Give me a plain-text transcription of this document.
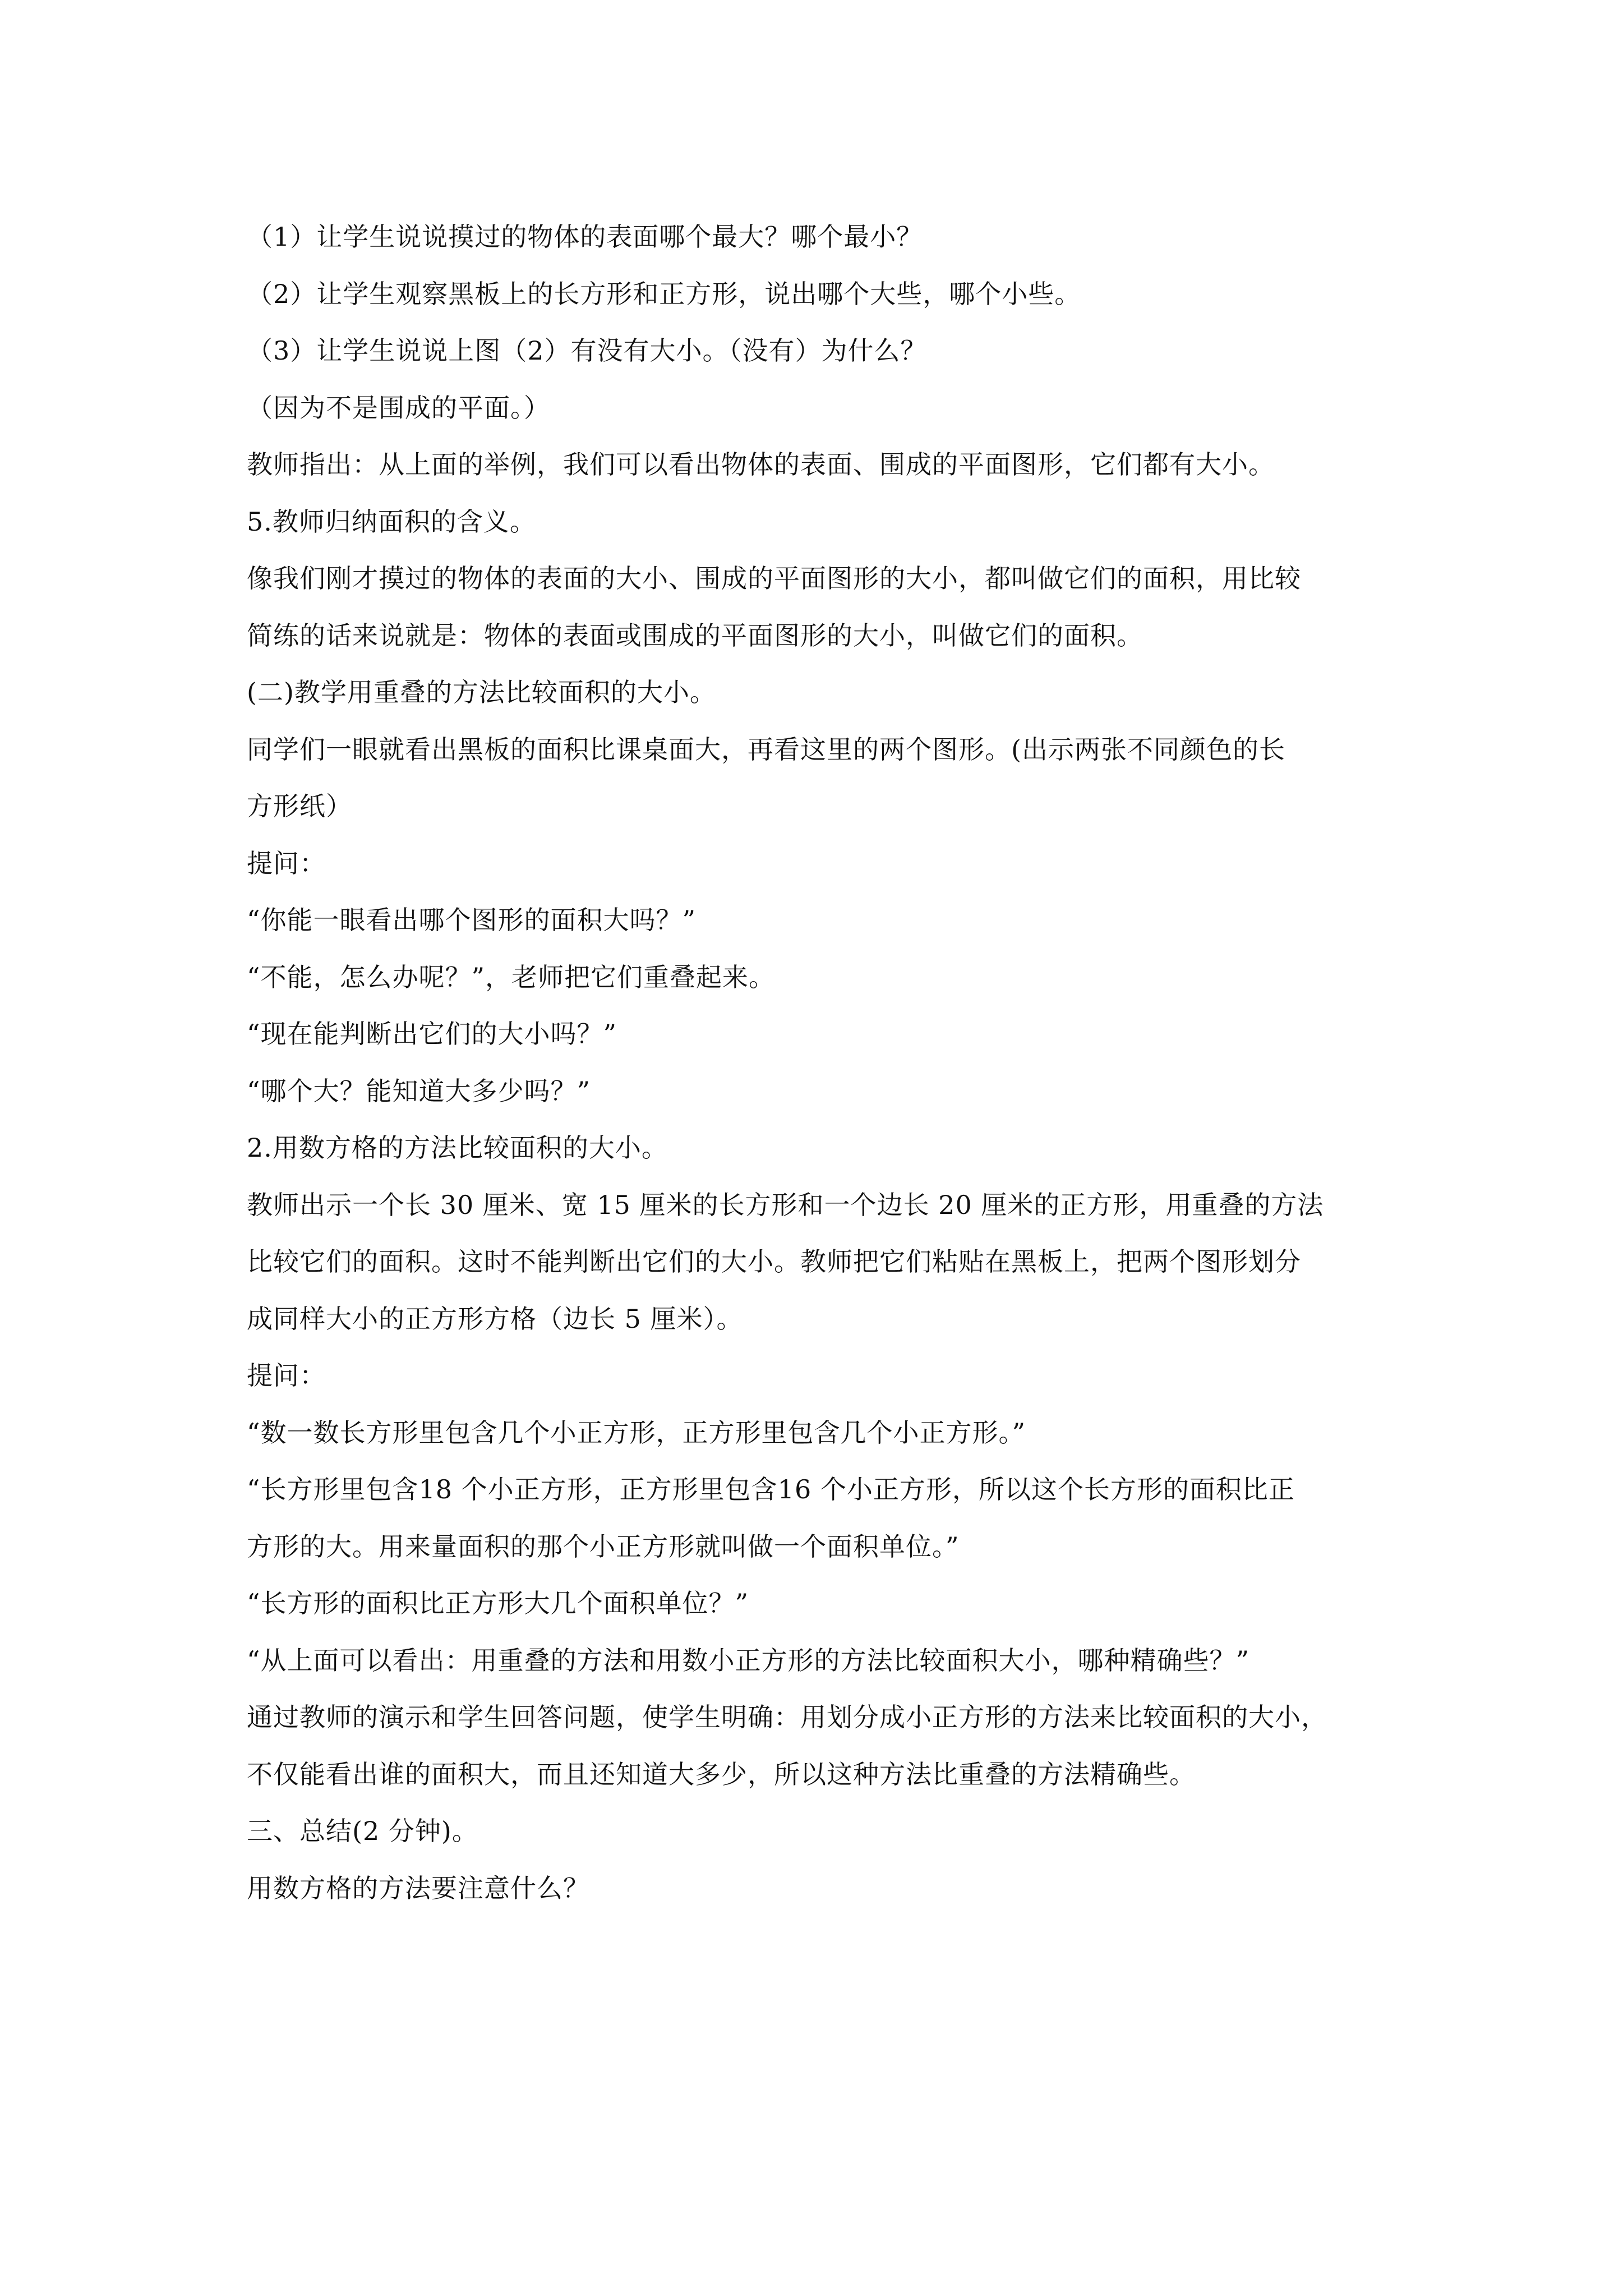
（1）让学生说说摸过的物体的表面哪个最大？哪个最小？
（2）让学生观察黑板上的长方形和正方形，说出哪个大些，哪个小些。
（3）让学生说说上图（2）有没有大小。（没有）为什么？
（因为不是围成的平面。）
教师指出：从上面的举例，我们可以看出物体的表面、围成的平面图形，它们都有大小。
5.教师归纳面积的含义。
像我们刚才摸过的物体的表面的大小、围成的平面图形的大小，都叫做它们的面积，用比较
简练的话来说就是：物体的表面或围成的平面图形的大小，叫做它们的面积。
(二)教学用重叠的方法比较面积的大小。
同学们一眼就看出黑板的面积比课桌面大，再看这里的两个图形。(出示两张不同颜色的长
方形纸）
提问：
“你能一眼看出哪个图形的面积大吗？”
“不能，怎么办呢？”，老师把它们重叠起来。
“现在能判断出它们的大小吗？”
“哪个大？能知道大多少吗？”
2.用数方格的方法比较面积的大小。
教师出示一个长 30 厘米、宽 15 厘米的长方形和一个边长 20 厘米的正方形，用重叠的方法
比较它们的面积。这时不能判断出它们的大小。教师把它们粘贴在黑板上，把两个图形划分
成同样大小的正方形方格（边长 5 厘米）。
提问：
“数一数长方形里包含几个小正方形，正方形里包含几个小正方形。”
“长方形里包含18 个小正方形，正方形里包含16 个小正方形，所以这个长方形的面积比正
方形的大。用来量面积的那个小正方形就叫做一个面积单位。”
“长方形的面积比正方形大几个面积单位？”
“从上面可以看出：用重叠的方法和用数小正方形的方法比较面积大小，哪种精确些？”
通过教师的演示和学生回答问题，使学生明确：用划分成小正方形的方法来比较面积的大小，
不仅能看出谁的面积大，而且还知道大多少，所以这种方法比重叠的方法精确些。
三、总结(2 分钟)。
用数方格的方法要注意什么？
